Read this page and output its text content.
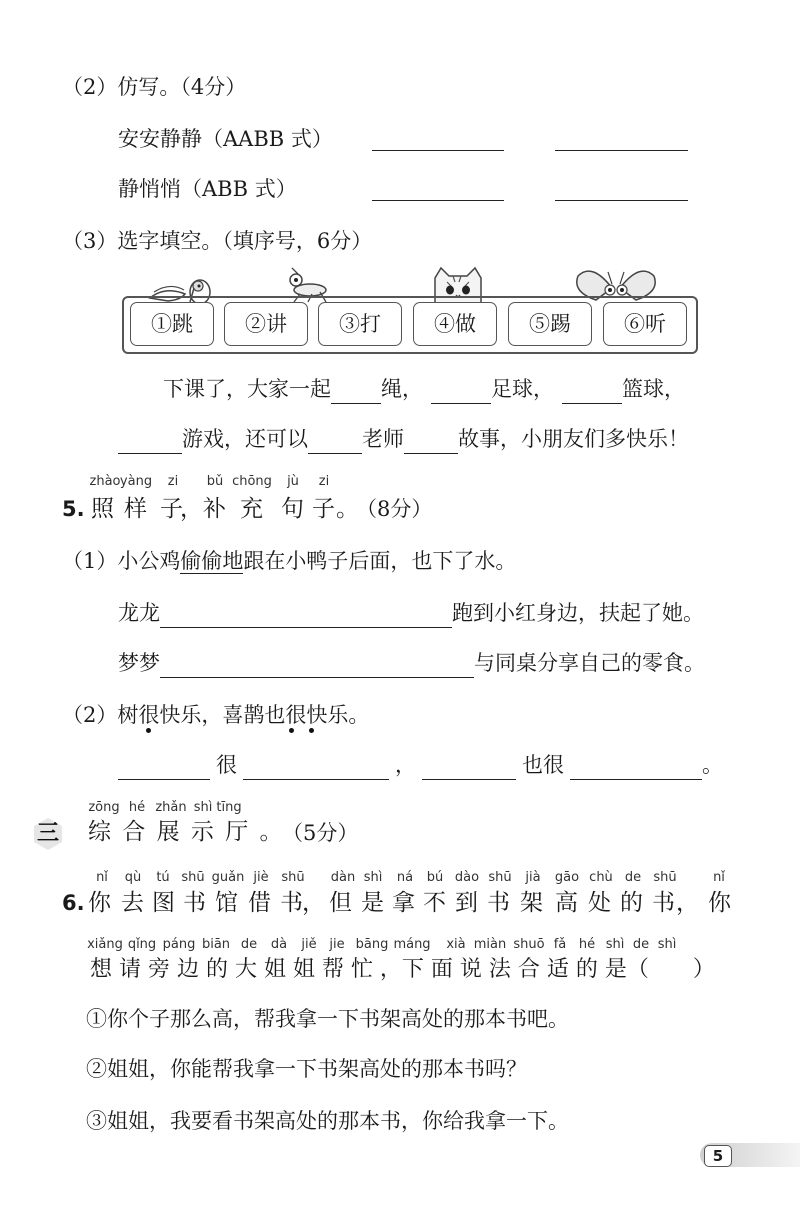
（2）仿写。（4分）
安安静静（AABB 式）
静悄悄（ABB 式）
（3）选字填空。（填序号，6分）
①跳	②讲	③打	④做	⑤踢	⑥听
下课了，大家一起 绳，	足球，	篮球，
游戏，还可以	老师	故事，小朋友们多快乐！
zhào yàng	zi	bǔ chōng	jù	zi
5. 照 样 子
， 补 充 句 子 。
（8分）
（1）小公鸡偷偷地跟在小鸭子后面，也下了水。
龙龙	跑到小红身边，扶起了她。
梦梦	与同桌分享自己的零食。
（2）树很快乐，喜鹊也很快乐。
很	，	也很	。
zōng hé zhǎn shì tīng
三	综 合 展 示 厅 。
（5分）
nǐ	qù	tú shū guǎn jiè shū	dàn shì	ná	bú dào shū	jià	gāo chù de shū	nǐ
6. 你 去 图 书 馆 借 书 ， 但 是 拿 不 到 书 架 高 处 的 书 ， 你
xiǎng qǐng páng biān de	dà	jiě jie bāng máng	xià miàn shuō fǎ hé shì de shì
想 请 旁 边 的 大 姐 姐 帮 忙 ，下 面 说 法 合 适 的 是（　　）
①你个子那么高，帮我拿一下书架高处的那本书吧。
②姐姐，你能帮我拿一下书架高处的那本书吗？
③姐姐，我要看书架高处的那本书，你给我拿一下。
5
